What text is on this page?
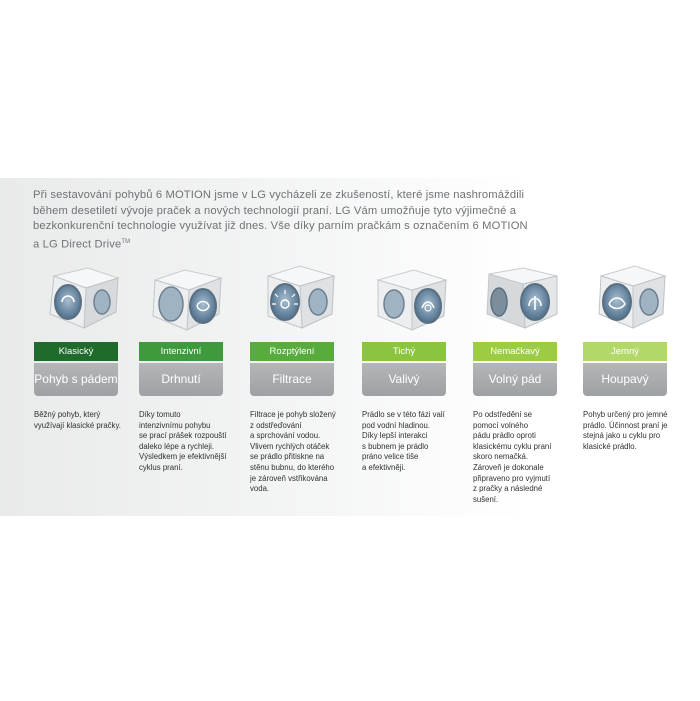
Při sestavování pohybů 6 MOTION jsme v LG vycházeli ze zkušeností, které jsme nashromáždili během desetiletí vývoje praček a nových technologií praní. LG Vám umožňuje tyto výjimečné a bezkonkurenční technologie využívat již dnes. Vše díky parním pračkám s označením 6 MOTION a LG Direct Drive™
Klasický
Pohyb s pádem
Běžný pohyb, který
využívají klasické pračky.
Intenzivní
Drhnutí
Díky tomuto
intenzivnímu pohybu
se prací prášek rozpouští
daleko lépe a rychleji.
Výsledkem je efektivnější
cyklus praní.
Rozptýlení
Filtrace
Filtrace je pohyb složený
z odstřeďování
a sprchování vodou.
Vlivem rychlých otáček
se prádlo přitiskne na
stěnu bubnu, do kterého
je zároveň vstřikována
voda.
Tichý
Valivý
Prádlo se v této fázi valí
pod vodní hladinou.
Díky lepší interakci
s bubnem je prádlo
práno velice tiše
a efektivněji.
Nemačkavý
Volný pád
Po odstředění se
pomocí volného
pádu prádlo oproti
klasickému cyklu praní
skoro nemačká.
Zároveň je dokonale
připraveno pro vyjmutí
z pračky a následné
sušení.
Jemný
Houpavý
Pohyb určený pro jemné
prádlo. Účinnost praní je
stejná jako u cyklu pro
klasické prádlo.
